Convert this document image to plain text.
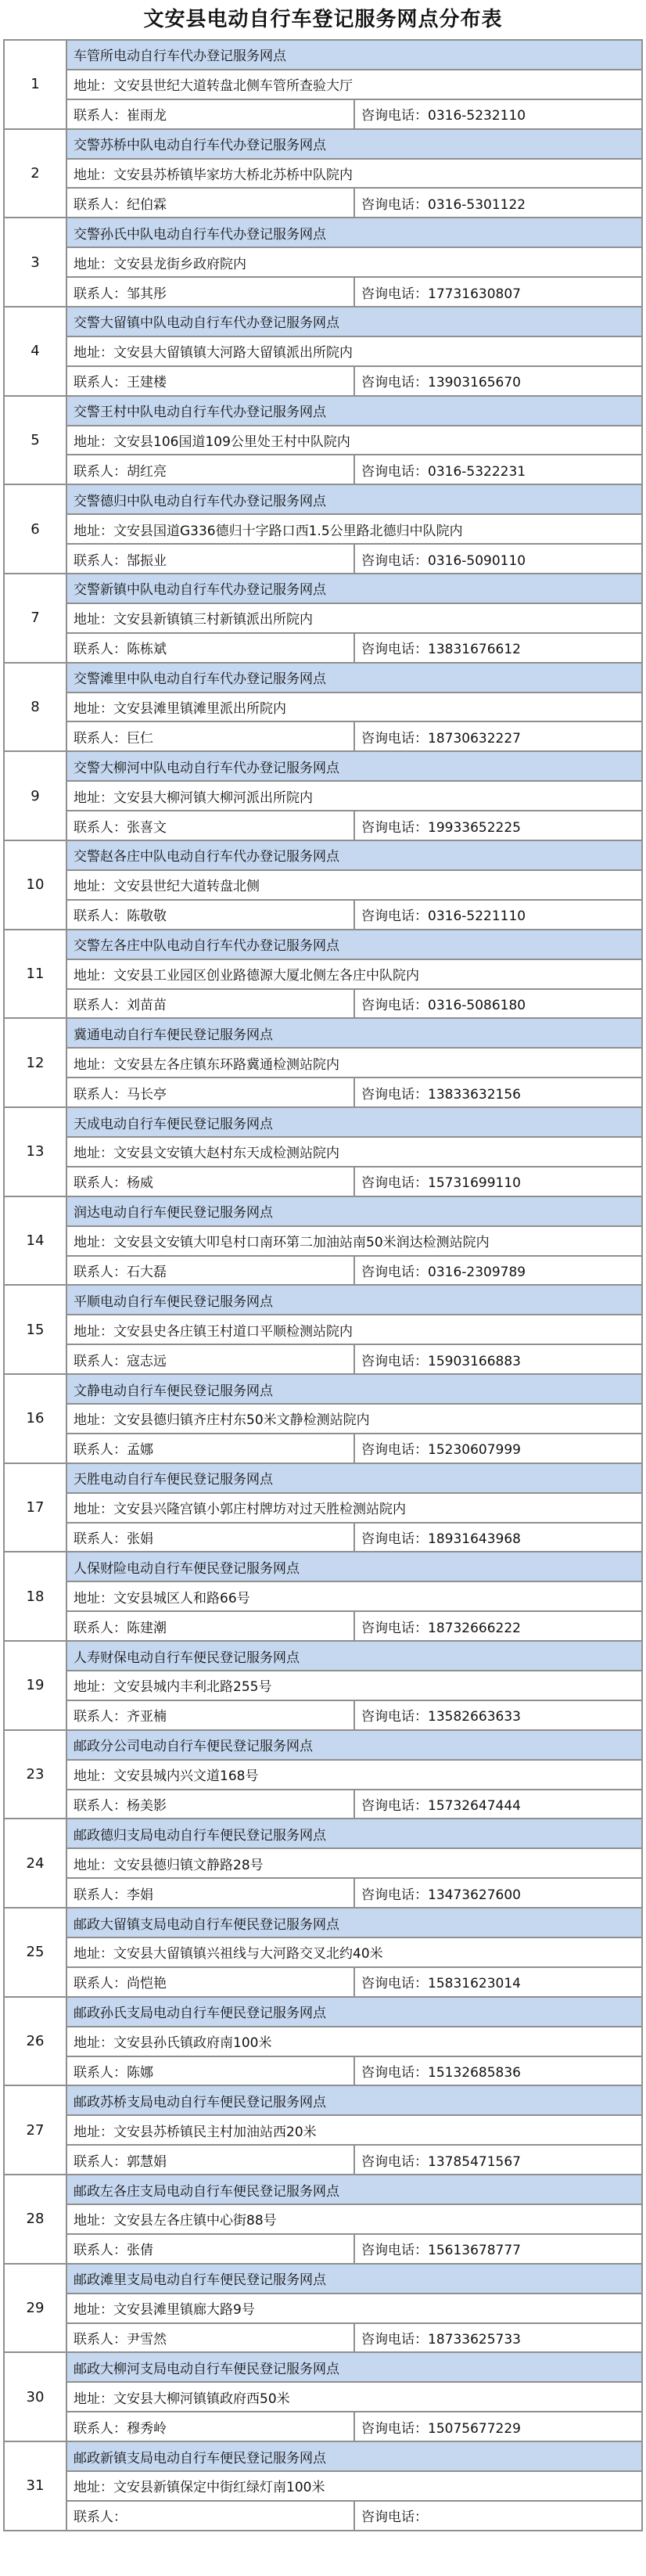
文安县电动自行车登记服务网点分布表
1	车管所电动自行车代办登记服务网点	
	地址：文安县世纪大道转盘北侧车管所查验大厅	
	联系人：崔雨龙	咨询电话：0316-5232110
2	交警苏桥中队电动自行车代办登记服务网点	
	地址：文安县苏桥镇毕家坊大桥北苏桥中队院内	
	联系人：纪伯霖	咨询电话：0316-5301122
3	交警孙氏中队电动自行车代办登记服务网点	
	地址：文安县龙街乡政府院内	
	联系人：邹其彤	咨询电话：17731630807
4	交警大留镇中队电动自行车代办登记服务网点	
	地址：文安县大留镇镇大河路大留镇派出所院内	
	联系人：王建楼	咨询电话：13903165670
5	交警王村中队电动自行车代办登记服务网点	
	地址：文安县106国道109公里处王村中队院内	
	联系人：胡红亮	咨询电话：0316-5322231
6	交警德归中队电动自行车代办登记服务网点	
	地址：文安县国道G336德归十字路口西1.5公里路北德归中队院内	
	联系人：郜振业	咨询电话：0316-5090110
7	交警新镇中队电动自行车代办登记服务网点	
	地址：文安县新镇镇三村新镇派出所院内	
	联系人：陈栋斌	咨询电话：13831676612
8	交警滩里中队电动自行车代办登记服务网点	
	地址：文安县滩里镇滩里派出所院内	
	联系人：巨仁	咨询电话：18730632227
9	交警大柳河中队电动自行车代办登记服务网点	
	地址：文安县大柳河镇大柳河派出所院内	
	联系人：张喜文	咨询电话：19933652225
10	交警赵各庄中队电动自行车代办登记服务网点	
	地址：文安县世纪大道转盘北侧	
	联系人：陈敬敬	咨询电话：0316-5221110
11	交警左各庄中队电动自行车代办登记服务网点	
	地址：文安县工业园区创业路德源大厦北侧左各庄中队院内	
	联系人：刘苗苗	咨询电话：0316-5086180
12	冀通电动自行车便民登记服务网点	
	地址：文安县左各庄镇东环路冀通检测站院内	
	联系人：马长亭	咨询电话：13833632156
13	天成电动自行车便民登记服务网点	
	地址：文安县文安镇大赵村东天成检测站院内	
	联系人：杨威	咨询电话：15731699110
14	润达电动自行车便民登记服务网点	
	地址：文安县文安镇大叩皂村口南环第二加油站南50米润达检测站院内	
	联系人：石大磊	咨询电话：0316-2309789
15	平顺电动自行车便民登记服务网点	
	地址：文安县史各庄镇王村道口平顺检测站院内	
	联系人：寇志远	咨询电话：15903166883
16	文静电动自行车便民登记服务网点	
	地址：文安县德归镇齐庄村东50米文静检测站院内	
	联系人：孟娜	咨询电话：15230607999
17	天胜电动自行车便民登记服务网点	
	地址：文安县兴隆宫镇小郭庄村牌坊对过天胜检测站院内	
	联系人：张娟	咨询电话：18931643968
18	人保财险电动自行车便民登记服务网点	
	地址：文安县城区人和路66号	
	联系人：陈建潮	咨询电话：18732666222
19	人寿财保电动自行车便民登记服务网点	
	地址：文安县城内丰利北路255号	
	联系人：齐亚楠	咨询电话：13582663633
23	邮政分公司电动自行车便民登记服务网点	
	地址：文安县城内兴文道168号	
	联系人：杨美影	咨询电话：15732647444
24	邮政德归支局电动自行车便民登记服务网点	
	地址：文安县德归镇文静路28号	
	联系人：李娟	咨询电话：13473627600
25	邮政大留镇支局电动自行车便民登记服务网点	
	地址：文安县大留镇镇兴祖线与大河路交叉北约40米	
	联系人：尚恺艳	咨询电话：15831623014
26	邮政孙氏支局电动自行车便民登记服务网点	
	地址：文安县孙氏镇政府南100米	
	联系人：陈娜	咨询电话：15132685836
27	邮政苏桥支局电动自行车便民登记服务网点	
	地址：文安县苏桥镇民主村加油站西20米	
	联系人：郭慧娟	咨询电话：13785471567
28	邮政左各庄支局电动自行车便民登记服务网点	
	地址：文安县左各庄镇中心街88号	
	联系人：张倩	咨询电话：15613678777
29	邮政滩里支局电动自行车便民登记服务网点	
	地址：文安县滩里镇廊大路9号	
	联系人：尹雪然	咨询电话：18733625733
30	邮政大柳河支局电动自行车便民登记服务网点	
	地址：文安县大柳河镇镇政府西50米	
	联系人：穆秀岭	咨询电话：15075677229
31	邮政新镇支局电动自行车便民登记服务网点	
	地址：文安县新镇保定中街红绿灯南100米	
	联系人：	咨询电话：
